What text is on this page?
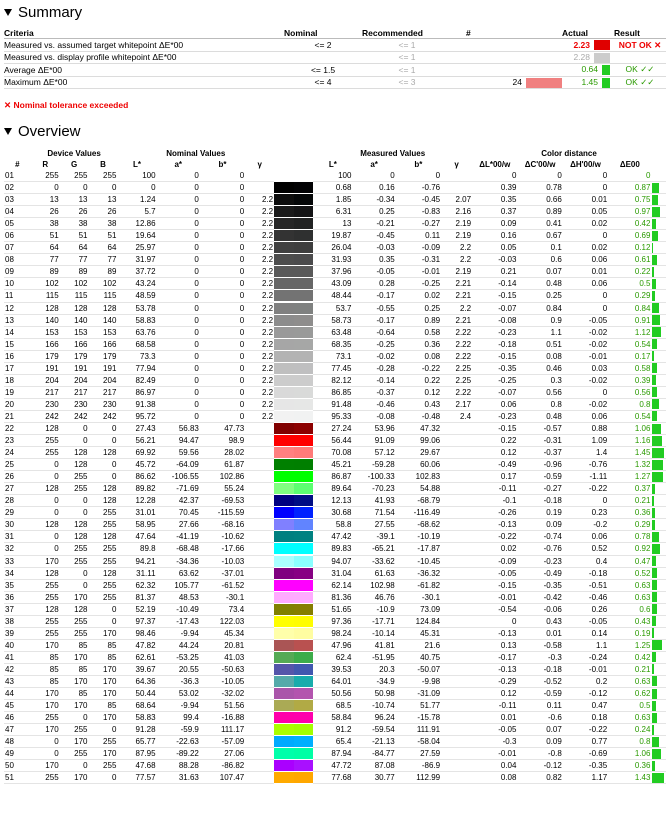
Summary
Criteria	Nominal	Recommended	#	Actual	Result
Measured vs. assumed target whitepoint ΔE*00	<= 2	<= 1		2.23	NOT OK ✕
Measured vs. display profile whitepoint ΔE*00		<= 1		2.28	
Average ΔE*00	<= 1.5	<= 1		0.64	OK ✓✓
Maximum ΔE*00	<= 4	<= 3	24	1.45	OK ✓✓
✕ Nominal tolerance exceeded
Overview
	Device Values			Nominal Values					Measured Values				Color distance				
#	R	G	B	L*	a*	b*	γ		L*	a*	b*	γ	ΔL*00/w	ΔC'00/w	ΔH'00/w	ΔE00	
01	255	255	255	100	0	0			100	0	0		0	0	0	0	
02	0	0	0	0	0	0			0.68	0.16	-0.76		0.39	0.78	0	0.87	
03	13	13	13	1.24	0	0	2.2		1.85	-0.34	-0.45	2.07	0.35	0.66	0.01	0.75	
04	26	26	26	5.7	0	0	2.2		6.31	0.25	-0.83	2.16	0.37	0.89	0.05	0.97	
05	38	38	38	12.86	0	0	2.2		13	-0.21	-0.27	2.19	0.09	0.41	0.02	0.42	
06	51	51	51	19.64	0	0	2.2		19.87	-0.45	0.11	2.19	0.16	0.67	0	0.69	
07	64	64	64	25.97	0	0	2.2		26.04	-0.03	-0.09	2.2	0.05	0.1	0.02	0.12	
08	77	77	77	31.97	0	0	2.2		31.93	0.35	-0.31	2.2	-0.03	0.6	0.06	0.61	
09	89	89	89	37.72	0	0	2.2		37.96	-0.05	-0.01	2.19	0.21	0.07	0.01	0.22	
10	102	102	102	43.24	0	0	2.2		43.09	0.28	-0.25	2.21	-0.14	0.48	0.06	0.5	
11	115	115	115	48.59	0	0	2.2		48.44	-0.17	0.02	2.21	-0.15	0.25	0	0.29	
12	128	128	128	53.78	0	0	2.2		53.7	-0.55	0.25	2.2	-0.07	0.84	0	0.84	
13	140	140	140	58.83	0	0	2.2		58.73	-0.17	0.89	2.21	-0.08	0.9	-0.05	0.91	
14	153	153	153	63.76	0	0	2.2		63.48	-0.64	0.58	2.22	-0.23	1.1	-0.02	1.12	
15	166	166	166	68.58	0	0	2.2		68.35	-0.25	0.36	2.22	-0.18	0.51	-0.02	0.54	
16	179	179	179	73.3	0	0	2.2		73.1	-0.02	0.08	2.22	-0.15	0.08	-0.01	0.17	
17	191	191	191	77.94	0	0	2.2		77.45	-0.28	-0.22	2.25	-0.35	0.46	0.03	0.58	
18	204	204	204	82.49	0	0	2.2		82.12	-0.14	0.22	2.25	-0.25	0.3	-0.02	0.39	
19	217	217	217	86.97	0	0	2.2		86.85	-0.37	0.12	2.22	-0.07	0.56	0	0.56	
20	230	230	230	91.38	0	0	2.2		91.48	-0.46	0.43	2.17	0.06	0.8	-0.02	0.8	
21	242	242	242	95.72	0	0	2.2		95.33	-0.08	-0.48	2.4	-0.23	0.48	0.06	0.54	
22	128	0	0	27.43	56.83	47.73			27.24	53.96	47.32		-0.15	-0.57	0.88	1.06	
23	255	0	0	56.21	94.47	98.9			56.44	91.09	99.06		0.22	-0.31	1.09	1.16	
24	255	128	128	69.92	59.56	28.02			70.08	57.12	29.67		0.12	-0.37	1.4	1.45	
25	0	128	0	45.72	-64.09	61.87			45.21	-59.28	60.06		-0.49	-0.96	-0.76	1.32	
26	0	255	0	86.62	-106.55	102.86			86.87	-100.33	102.83		0.17	-0.59	-1.11	1.27	
27	128	255	128	89.82	-71.69	55.24			89.64	-70.23	54.88		-0.11	-0.27	-0.22	0.37	
28	0	0	128	12.28	42.37	-69.53			12.13	41.93	-68.79		-0.1	-0.18	0	0.21	
29	0	0	255	31.01	70.45	-115.59			30.68	71.54	-116.49		-0.26	0.19	0.23	0.36	
30	128	128	255	58.95	27.66	-68.16			58.8	27.55	-68.62		-0.13	0.09	-0.2	0.29	
31	0	128	128	47.64	-41.19	-10.62			47.42	-39.1	-10.19		-0.22	-0.74	0.06	0.78	
32	0	255	255	89.8	-68.48	-17.66			89.83	-65.21	-17.87		0.02	-0.76	0.52	0.92	
33	170	255	255	94.21	-34.36	-10.03			94.07	-33.62	-10.45		-0.09	-0.23	0.4	0.47	
34	128	0	128	31.11	63.62	-37.01			31.04	61.63	-36.32		-0.05	-0.49	-0.18	0.52	
35	255	0	255	62.32	105.77	-61.52			62.14	102.98	-61.82		-0.15	-0.35	-0.51	0.63	
36	255	170	255	81.37	48.53	-30.1			81.36	46.76	-30.1		-0.01	-0.42	-0.46	0.63	
37	128	128	0	52.19	-10.49	73.4			51.65	-10.9	73.09		-0.54	-0.06	0.26	0.6	
38	255	255	0	97.37	-17.43	122.03			97.36	-17.71	124.84		0	0.43	-0.05	0.43	
39	255	255	170	98.46	-9.94	45.34			98.24	-10.14	45.31		-0.13	0.01	0.14	0.19	
40	170	85	85	47.82	44.24	20.81			47.96	41.81	21.6		0.13	-0.58	1.1	1.25	
41	85	170	85	62.61	-53.25	41.03			62.4	-51.95	40.75		-0.17	-0.3	-0.24	0.42	
42	85	85	170	39.67	20.55	-50.63			39.53	20.3	-50.07		-0.13	-0.18	-0.01	0.21	
43	85	170	170	64.36	-36.3	-10.05			64.01	-34.9	-9.98		-0.29	-0.52	0.2	0.63	
44	170	85	170	50.44	53.02	-32.02			50.56	50.98	-31.09		0.12	-0.59	-0.12	0.62	
45	170	170	85	68.64	-9.94	51.56			68.5	-10.74	51.77		-0.11	0.11	0.47	0.5	
46	255	0	170	58.83	99.4	-16.88			58.84	96.24	-15.78		0.01	-0.6	0.18	0.63	
47	170	255	0	91.28	-59.9	111.17			91.2	-59.54	111.91		-0.05	0.07	-0.22	0.24	
48	0	170	255	65.77	-22.63	-57.09			65.4	-21.13	-58.04		-0.3	0.09	0.77	0.8	
49	0	255	170	87.95	-89.22	27.06			87.94	-84.77	27.59		-0.01	-0.8	-0.69	1.06	
50	170	0	255	47.68	88.28	-86.82			47.72	87.08	-86.9		0.04	-0.12	-0.35	0.36	
51	255	170	0	77.57	31.63	107.47			77.68	30.77	112.99		0.08	0.82	1.17	1.43	
